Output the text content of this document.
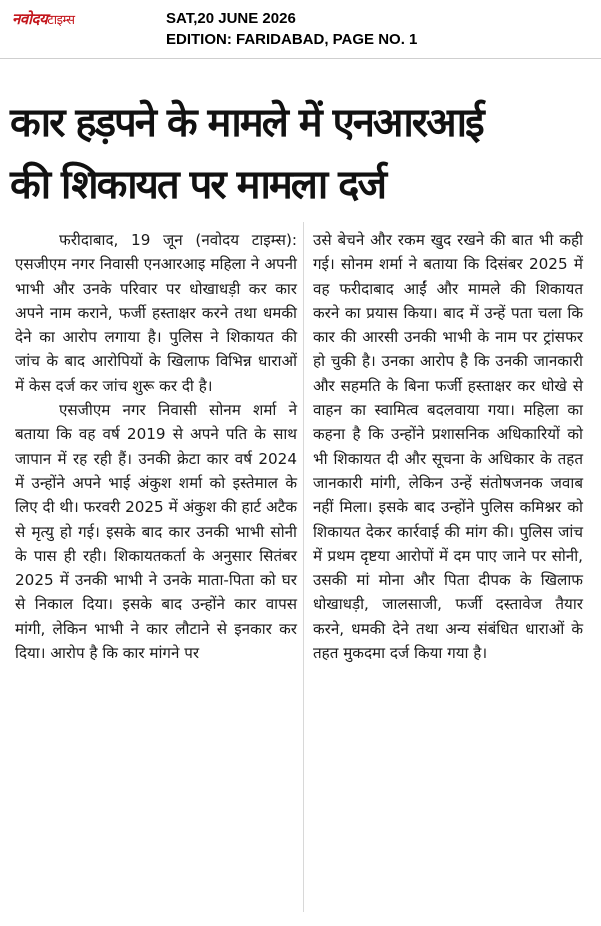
नवोदयटाइम्स	SAT,20 JUNE 2026
EDITION: FARIDABAD, PAGE NO. 1
कार हड़पने के मामले में एनआरआई
की शिकायत पर मामला दर्ज

फरीदाबाद, 19 जून (नवोदय टाइम्स): एसजीएम नगर निवासी एनआरआइ महिला ने अपनी भाभी और उनके परिवार पर धोखाधड़ी कर कार अपने नाम कराने, फर्जी हस्ताक्षर करने तथा धमकी देने का आरोप लगाया है। पुलिस ने शिकायत की जांच के बाद आरोपियों के खिलाफ विभिन्न धाराओं में केस दर्ज कर जांच शुरू कर दी है।

एसजीएम नगर निवासी सोनम शर्मा ने बताया कि वह वर्ष 2019 से अपने पति के साथ जापान में रह रही हैं। उनकी क्रेटा कार वर्ष 2024 में उन्होंने अपने भाई अंकुश शर्मा को इस्तेमाल के लिए दी थी। फरवरी 2025 में अंकुश की हार्ट अटैक से मृत्यु हो गई। इसके बाद कार उनकी भाभी सोनी के पास ही रही। शिकायतकर्ता के अनुसार सितंबर 2025 में उनकी भाभी ने उनके माता-पिता को घर से निकाल दिया। इसके बाद उन्होंने कार वापस मांगी, लेकिन भाभी ने कार लौटाने से इनकार कर दिया। आरोप है कि कार मांगने पर

उसे बेचने और रकम खुद रखने की बात भी कही गई। सोनम शर्मा ने बताया कि दिसंबर 2025 में वह फरीदाबाद आईं और मामले की शिकायत करने का प्रयास किया। बाद में उन्हें पता चला कि कार की आरसी उनकी भाभी के नाम पर ट्रांसफर हो चुकी है। उनका आरोप है कि उनकी जानकारी और सहमति के बिना फर्जी हस्ताक्षर कर धोखे से वाहन का स्वामित्व बदलवाया गया। महिला का कहना है कि उन्होंने प्रशासनिक अधिकारियों को भी शिकायत दी और सूचना के अधिकार के तहत जानकारी मांगी, लेकिन उन्हें संतोषजनक जवाब नहीं मिला। इसके बाद उन्होंने पुलिस कमिश्नर को शिकायत देकर कार्रवाई की मांग की। पुलिस जांच में प्रथम दृष्टया आरोपों में दम पाए जाने पर सोनी, उसकी मां मोना और पिता दीपक के खिलाफ धोखाधड़ी, जालसाजी, फर्जी दस्तावेज तैयार करने, धमकी देने तथा अन्य संबंधित धाराओं के तहत मुकदमा दर्ज किया गया है।
